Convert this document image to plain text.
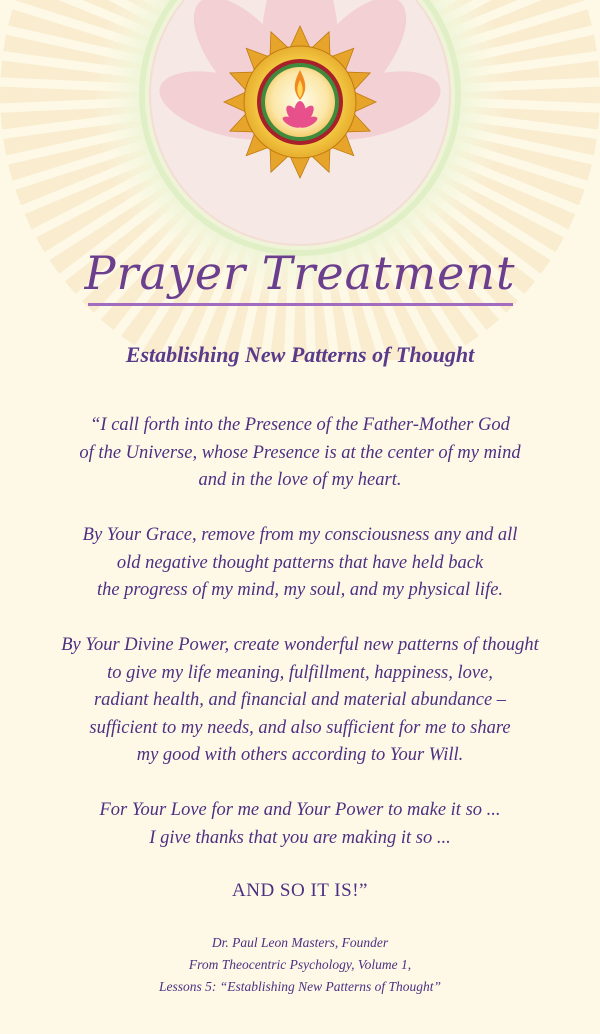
Prayer Treatment
Establishing New Patterns of Thought

“I call forth into the Presence of the Father-Mother God
of the Universe, whose Presence is at the center of my mind
and in the love of my heart.

By Your Grace, remove from my consciousness any and all
old negative thought patterns that have held back
the progress of my mind, my soul, and my physical life.

By Your Divine Power, create wonderful new patterns of thought
to give my life meaning, fulfillment, happiness, love,
radiant health, and financial and material abundance –
sufficient to my needs, and also sufficient for me to share
my good with others according to Your Will.

For Your Love for me and Your Power to make it so ...
I give thanks that you are making it so ...

AND SO IT IS!”
Dr. Paul Leon Masters, Founder
From Theocentric Psychology, Volume 1,
Lessons 5: “Establishing New Patterns of Thought”
